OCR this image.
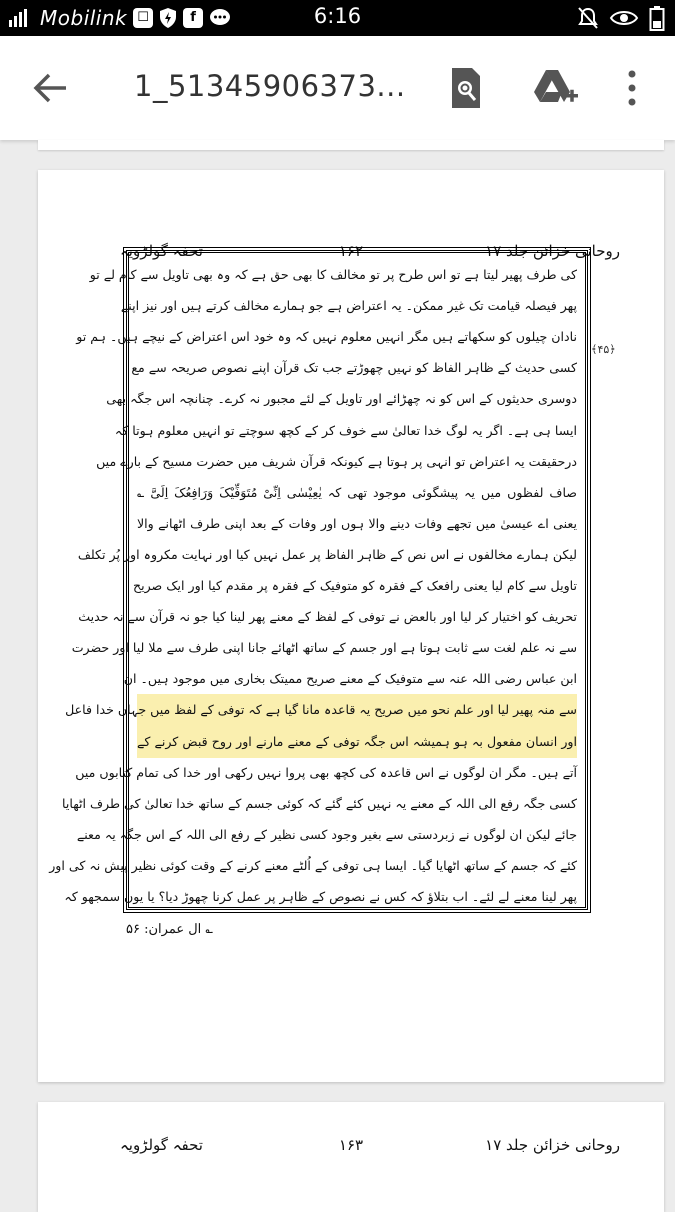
Mobilink ☐	f	6:16
1_51345906373...
روحانی خزائن جلد ۱۷
۱۶۲
تحفہ گولڑویہ
کی طرف پھیر لیتا ہے تو اس طرح پر تو مخالف کا بھی حق ہے کہ وہ بھی تاویل سے کام لے تو
پھر فیصلہ قیامت تک غیر ممکن۔ یہ اعتراض ہے جو ہمارے مخالف کرتے ہیں اور نیز اپنے
نادان چیلوں کو سکھاتے ہیں مگر انہیں معلوم نہیں کہ وہ خود اس اعتراض کے نیچے ہیں۔ ہم تو
کسی حدیث کے ظاہر الفاظ کو نہیں چھوڑتے جب تک قرآن اپنے نصوص صریحہ سے مع
دوسری حدیثوں کے اس کو نہ چھڑائے اور تاویل کے لئے مجبور نہ کرے۔ چنانچہ اس جگہ بھی
ایسا ہی ہے۔ اگر یہ لوگ خدا تعالیٰ سے خوف کر کے کچھ سوچتے تو انہیں معلوم ہوتا کہ
درحقیقت یہ اعتراض تو انہی پر ہوتا ہے کیونکہ قرآن شریف میں حضرت مسیح کے بارے میں
صاف لفظوں میں یہ پیشگوئی موجود تھی کہ یٰعِیْسٰی اِنِّیْ مُتَوَفِّیْکَ وَرَافِعُکَ اِلَیَّ ؎
یعنی اے عیسیٰ میں تجھے وفات دینے والا ہوں اور وفات کے بعد اپنی طرف اٹھانے والا
لیکن ہمارے مخالفوں نے اس نص کے ظاہر الفاظ پر عمل نہیں کیا اور نہایت مکروہ اور پُر تکلف
تاویل سے کام لیا یعنی رافعک کے فقرہ کو متوفیک کے فقرہ پر مقدم کیا اور ایک صریح
تحریف کو اختیار کر لیا اور بالعض نے توفی کے لفظ کے معنے پھر لینا کیا جو نہ قرآن سے نہ حدیث
سے نہ علم لغت سے ثابت ہوتا ہے اور جسم کے ساتھ اٹھائے جانا اپنی طرف سے ملا لیا اور حضرت
ابن عباس رضی اللہ عنہ سے متوفیک کے معنے صریح ممیتک بخاری میں موجود ہیں۔ ان
سے منہ پھیر لیا اور علم نحو میں صریح یہ قاعدہ مانا گیا ہے کہ توفی کے لفظ میں جہاں خدا فاعل
اور انسان مفعول بہ ہو ہمیشہ اس جگہ توفی کے معنے مارنے اور روح قبض کرنے کے
آتے ہیں۔ مگر ان لوگوں نے اس قاعدہ کی کچھ بھی پروا نہیں رکھی اور خدا کی تمام کتابوں میں
کسی جگہ رفع الی اللہ کے معنے یہ نہیں کئے گئے کہ کوئی جسم کے ساتھ خدا تعالیٰ کی طرف اٹھایا
جائے لیکن ان لوگوں نے زبردستی سے بغیر وجود کسی نظیر کے رفع الی اللہ کے اس جگہ یہ معنے
کئے کہ جسم کے ساتھ اٹھایا گیا۔ ایسا ہی توفی کے اُلٹے معنے کرنے کے وقت کوئی نظیر پیش نہ کی اور
پھر لینا معنے لے لئے۔ اب بتلاؤ کہ کس نے نصوص کے ظاہر پر عمل کرنا چھوڑ دیا؟ یا یوں سمجھو کہ
﴿۴۵﴾
؎ ال عمران: ۵۶
روحانی خزائن جلد ۱۷
۱۶۳
تحفہ گولڑویہ
